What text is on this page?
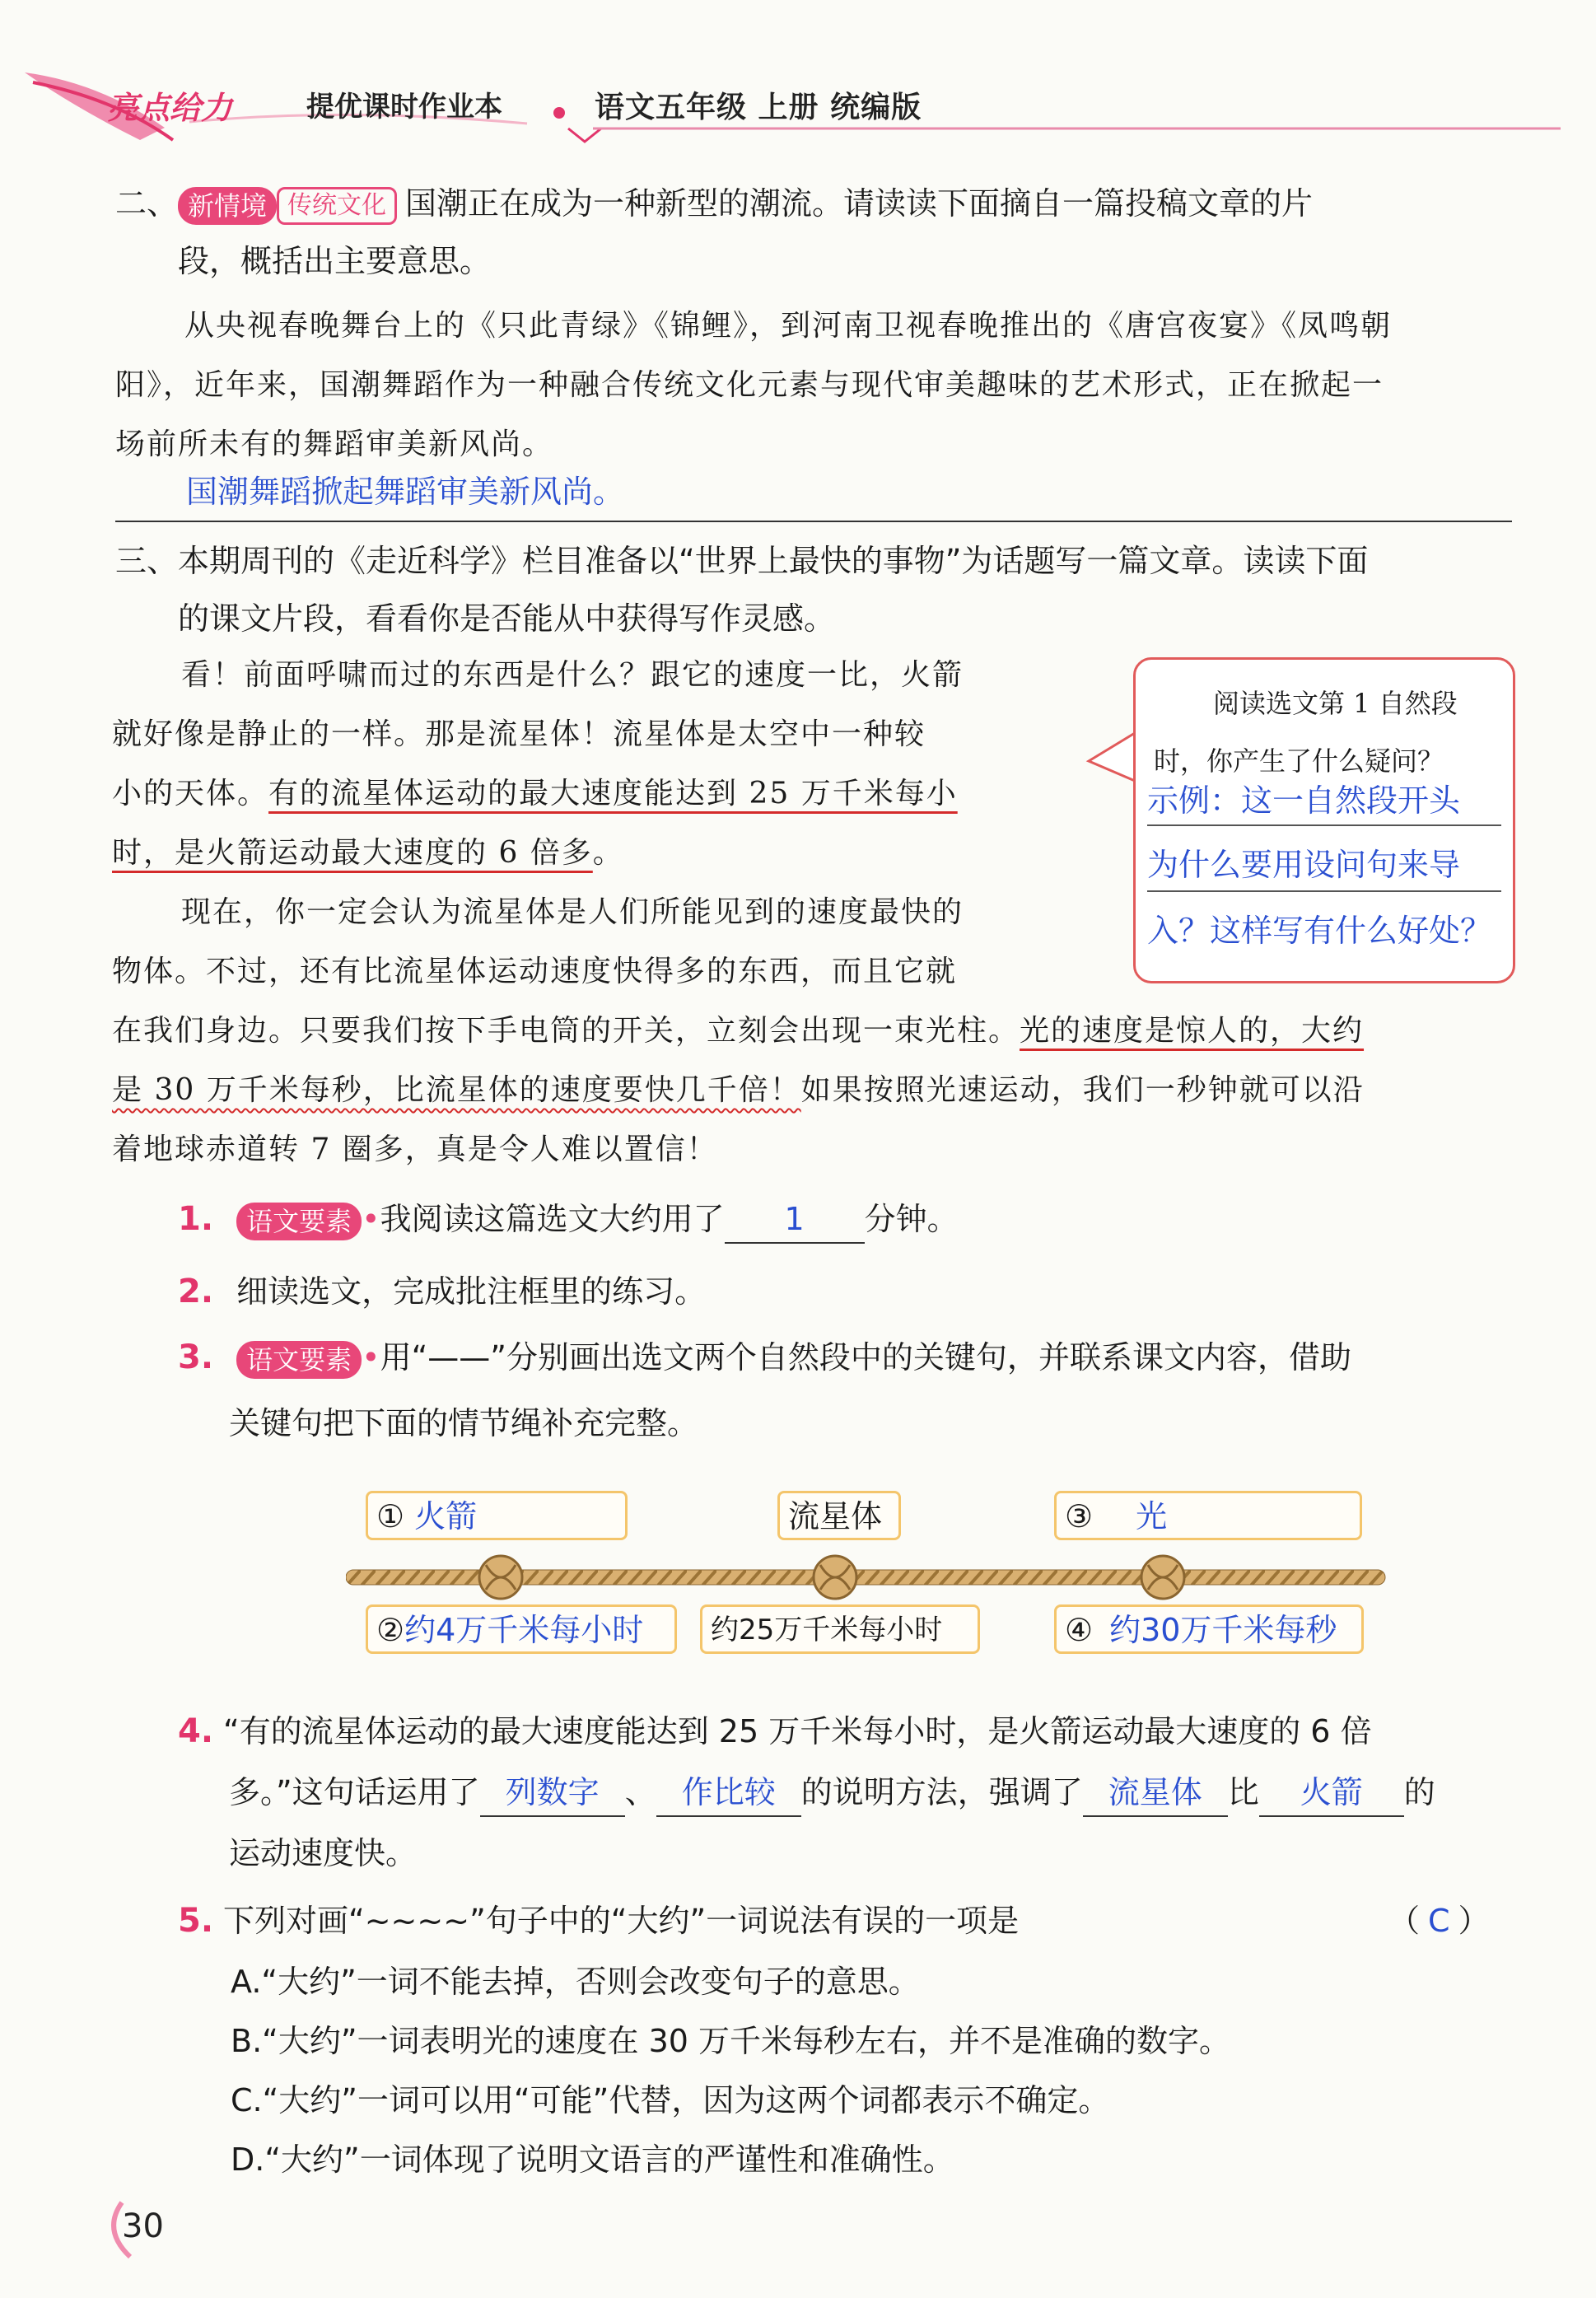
亮点给力	提优课时作业本	语文五年级 上册 统编版
二、 新情境 传统文化 国潮正在成为一种新型的潮流。请读读下面摘自一篇投稿文章的片
段，概括出主要意思。
从央视春晚舞台上的《只此青绿》《锦鲤》，到河南卫视春晚推出的《唐宫夜宴》《凤鸣朝
阳》，近年来，国潮舞蹈作为一种融合传统文化元素与现代审美趣味的艺术形式，正在掀起一
场前所未有的舞蹈审美新风尚。
国潮舞蹈掀起舞蹈审美新风尚。
三、本期周刊的《走近科学》栏目准备以“世界上最快的事物”为话题写一篇文章。读读下面
的课文片段，看看你是否能从中获得写作灵感。
看！前面呼啸而过的东西是什么？跟它的速度一比，火箭
就好像是静止的一样。那是流星体！流星体是太空中一种较
小的天体。有的流星体运动的最大速度能达到 25 万千米每小
时，是火箭运动最大速度的 6 倍多。
现在，你一定会认为流星体是人们所能见到的速度最快的
物体。不过，还有比流星体运动速度快得多的东西，而且它就
在我们身边。只要我们按下手电筒的开关，立刻会出现一束光柱。光的速度是惊人的，大约
是 30 万千米每秒，比流星体的速度要快几千倍！如果按照光速运动，我们一秒钟就可以沿
着地球赤道转 7 圈多，真是令人难以置信！
阅读选文第 1 自然段
时，你产生了什么疑问？
示例：这一自然段开头
为什么要用设问句来导
入？这样写有什么好处？
1. 语文要素 •我阅读这篇选文大约用了 1 分钟。
2. 细读选文，完成批注框里的练习。
3. 语文要素 •用“——”分别画出选文两个自然段中的关键句，并联系课文内容，借助
关键句把下面的情节绳补充完整。
① 火箭	流星体	③ 光
②约4万千米每小时	约25万千米每小时	④ 约30万千米每秒
4. “有的流星体运动的最大速度能达到 25 万千米每小时，是火箭运动最大速度的 6 倍
多。”这句话运用了 列数字 、 作比较 的说明方法，强调了 流星体 比 火箭 的
运动速度快。
5. 下列对画“~~~~”句子中的“大约”一词说法有误的一项是	（ C ）
A.“大约”一词不能去掉，否则会改变句子的意思。
B.“大约”一词表明光的速度在 30 万千米每秒左右，并不是准确的数字。
C.“大约”一词可以用“可能”代替，因为这两个词都表示不确定。
D.“大约”一词体现了说明文语言的严谨性和准确性。
30
